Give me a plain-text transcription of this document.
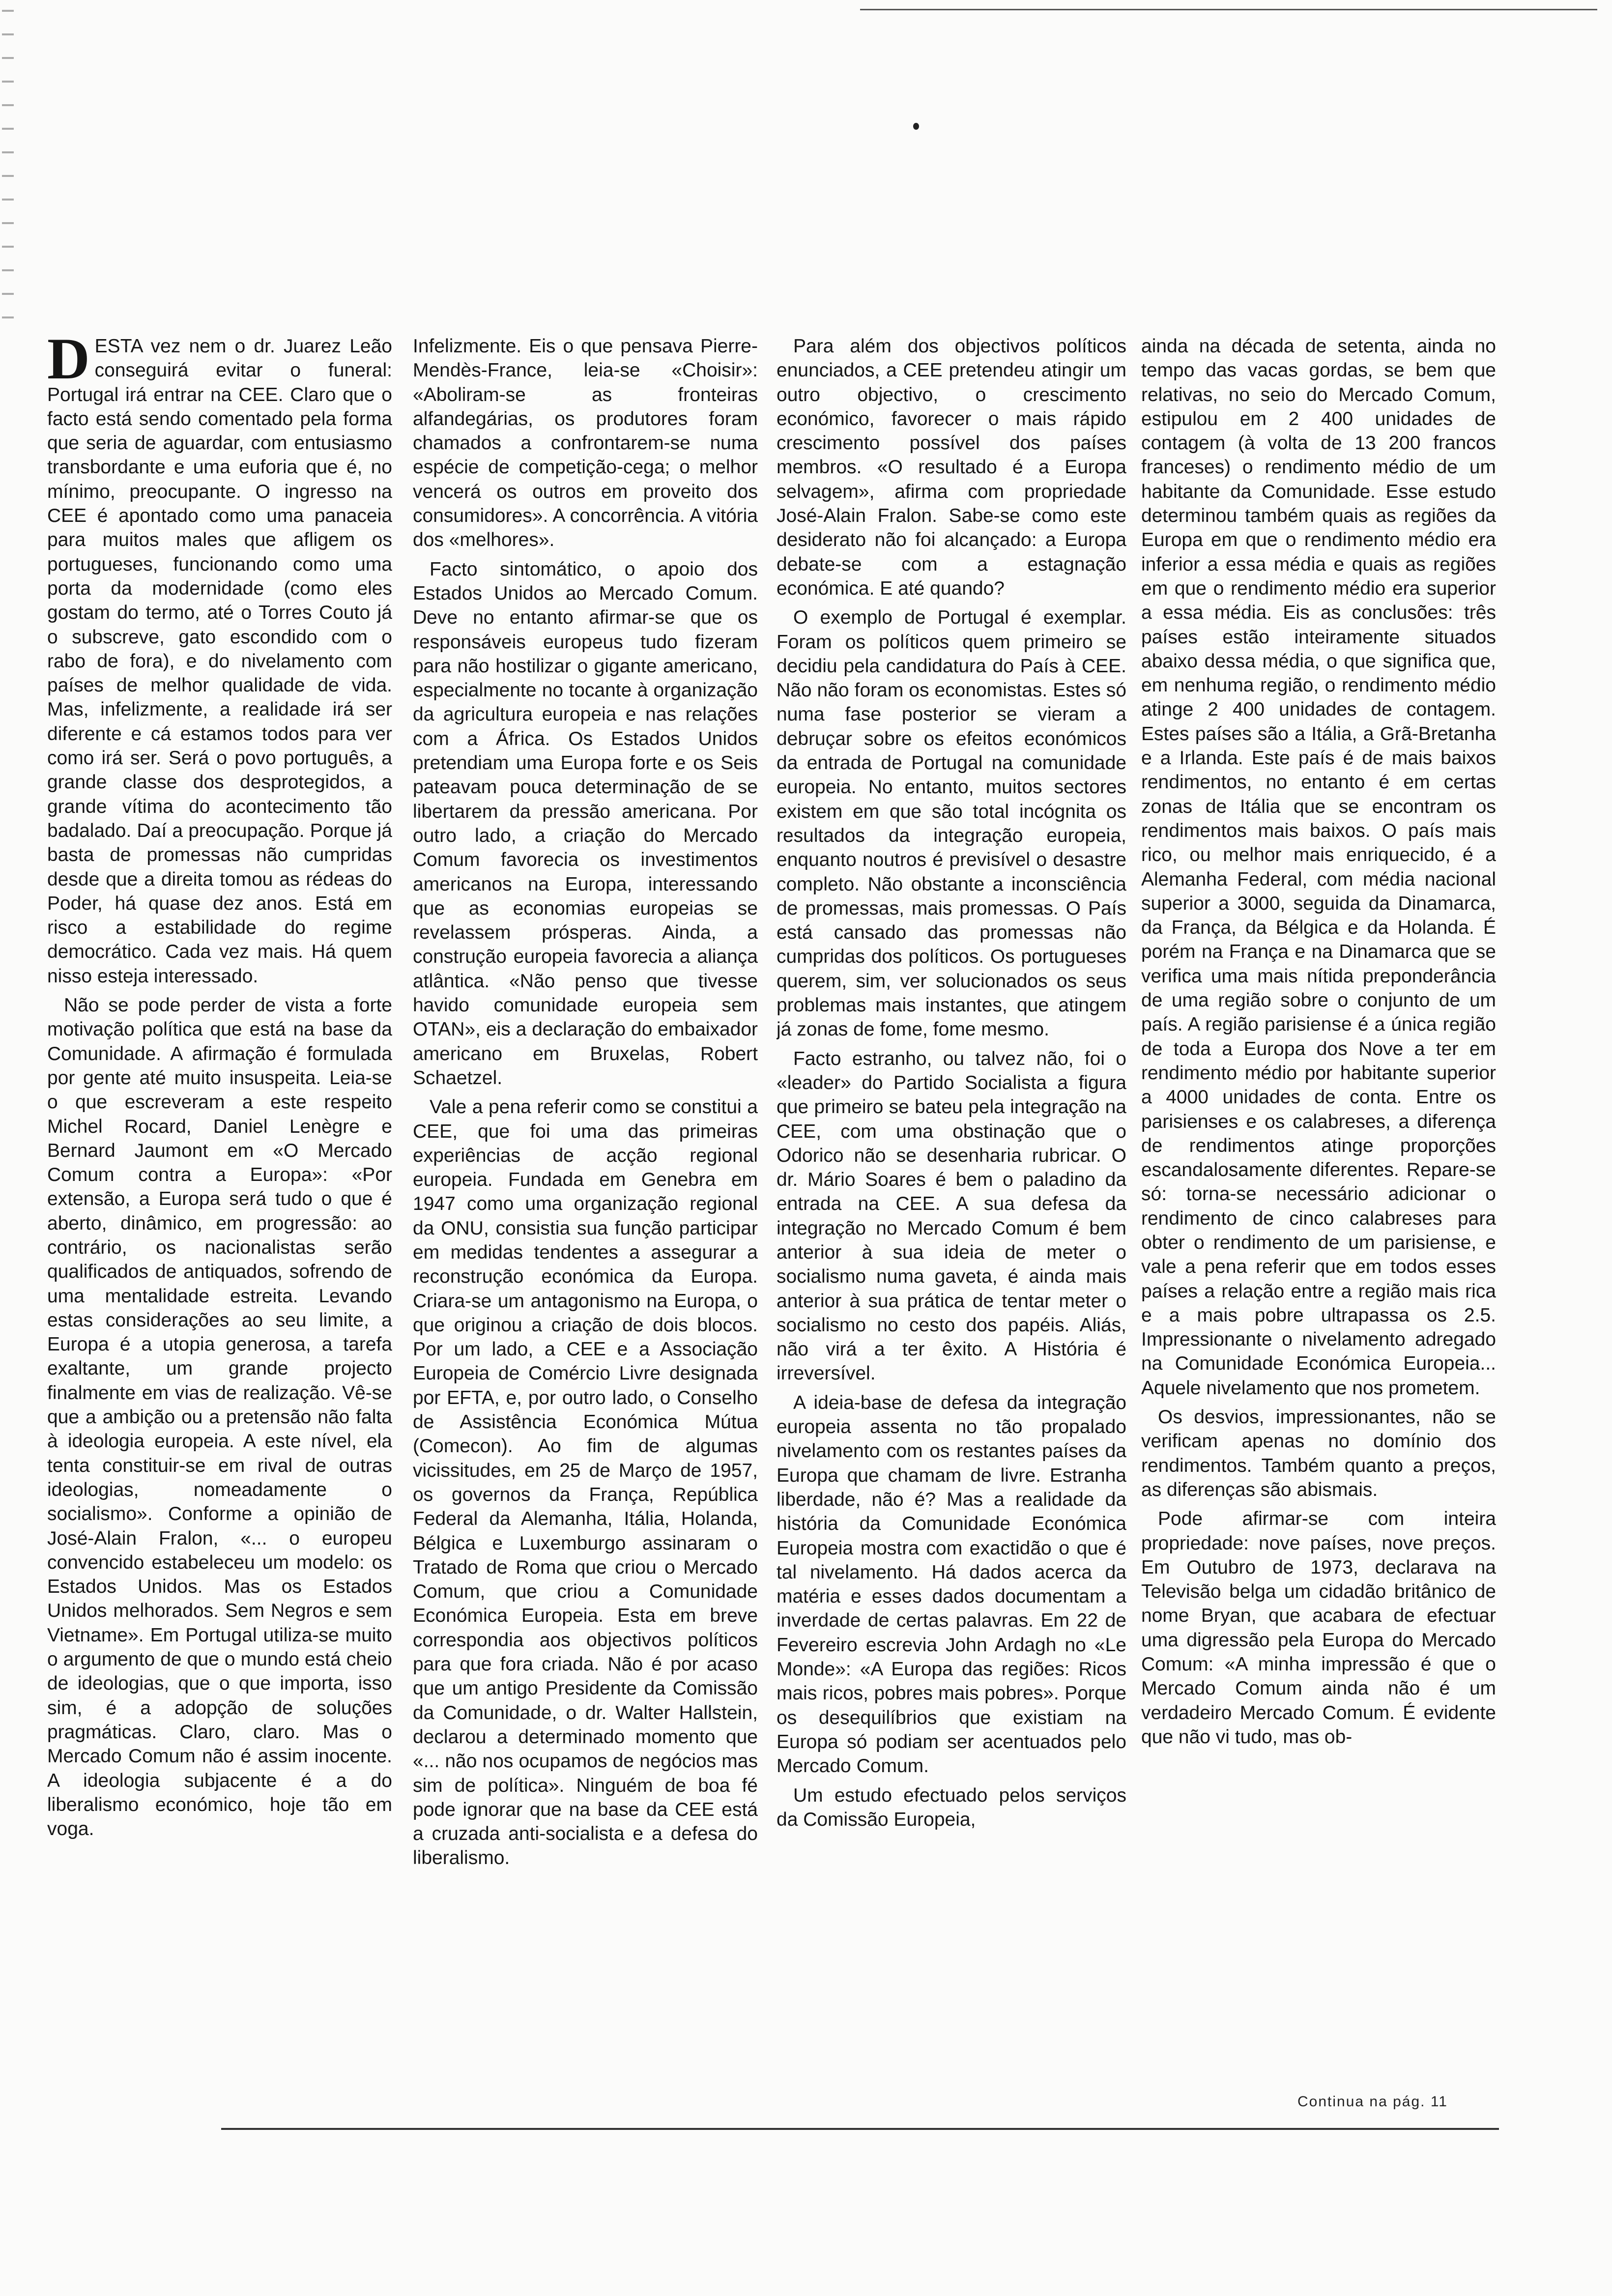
DESTA vez nem o dr. Juarez Leão conseguirá evitar o funeral: Portugal irá entrar na CEE. Claro que o facto está sendo comentado pela forma que seria de aguardar, com entusiasmo transbordante e uma euforia que é, no mínimo, preocupante. O ingresso na CEE é apontado como uma panaceia para muitos males que afligem os portugueses, funcionando como uma porta da modernidade (como eles gostam do termo, até o Torres Couto já o subscreve, gato escondido com o rabo de fora), e do nivelamento com países de melhor qualidade de vida. Mas, infelizmente, a realidade irá ser diferente e cá estamos todos para ver como irá ser. Será o povo português, a grande classe dos desprotegidos, a grande vítima do acontecimento tão badalado. Daí a preocupação. Porque já basta de promessas não cumpridas desde que a direita tomou as rédeas do Poder, há quase dez anos. Está em risco a estabilidade do regime democrático. Cada vez mais. Há quem nisso esteja interessado.

Não se pode perder de vista a forte motivação política que está na base da Comunidade. A afirmação é formulada por gente até muito insuspeita. Leia-se o que escreveram a este respeito Michel Rocard, Daniel Lenègre e Bernard Jaumont em «O Mercado Comum contra a Europa»: «Por extensão, a Europa será tudo o que é aberto, dinâmico, em progressão: ao contrário, os nacionalistas serão qualificados de antiquados, sofrendo de uma mentalidade estreita. Levando estas considerações ao seu limite, a Europa é a utopia generosa, a tarefa exaltante, um grande projecto finalmente em vias de realização. Vê-se que a ambição ou a pretensão não falta à ideologia europeia. A este nível, ela tenta constituir-se em rival de outras ideologias, nomeadamente o socialismo». Conforme a opinião de José-Alain Fralon, «... o europeu convencido estabeleceu um modelo: os Estados Unidos. Mas os Estados Unidos melhorados. Sem Negros e sem Vietname». Em Portugal utiliza-se muito o argumento de que o mundo está cheio de ideologias, que o que importa, isso sim, é a adopção de soluções pragmáticas. Claro, claro. Mas o Mercado Comum não é assim inocente. A ideologia subjacente é a do liberalismo económico, hoje tão em voga.

Infelizmente. Eis o que pensava Pierre-Mendès-France, leia-se «Choisir»: «Aboliram-se as fronteiras alfandegárias, os produtores foram chamados a confrontarem-se numa espécie de competição-cega; o melhor vencerá os outros em proveito dos consumidores». A concorrência. A vitória dos «melhores».

Facto sintomático, o apoio dos Estados Unidos ao Mercado Comum. Deve no entanto afirmar-se que os responsáveis europeus tudo fizeram para não hostilizar o gigante americano, especialmente no tocante à organização da agricultura europeia e nas relações com a África. Os Estados Unidos pretendiam uma Europa forte e os Seis pateavam pouca determinação de se libertarem da pressão americana. Por outro lado, a criação do Mercado Comum favorecia os investimentos americanos na Europa, interessando que as economias europeias se revelassem prósperas. Ainda, a construção europeia favorecia a aliança atlântica. «Não penso que tivesse havido comunidade europeia sem OTAN», eis a declaração do embaixador americano em Bruxelas, Robert Schaetzel.

Vale a pena referir como se constitui a CEE, que foi uma das primeiras experiências de acção regional europeia. Fundada em Genebra em 1947 como uma organização regional da ONU, consistia sua função participar em medidas tendentes a assegurar a reconstrução económica da Europa. Criara-se um antagonismo na Europa, o que originou a criação de dois blocos. Por um lado, a CEE e a Associação Europeia de Comércio Livre designada por EFTA, e, por outro lado, o Conselho de Assistência Económica Mútua (Comecon). Ao fim de algumas vicissitudes, em 25 de Março de 1957, os governos da França, República Federal da Alemanha, Itália, Holanda, Bélgica e Luxemburgo assinaram o Tratado de Roma que criou o Mercado Comum, que criou a Comunidade Económica Europeia. Esta em breve correspondia aos objectivos políticos para que fora criada. Não é por acaso que um antigo Presidente da Comissão da Comunidade, o dr. Walter Hallstein, declarou a determinado momento que «... não nos ocupamos de negócios mas sim de política». Ninguém de boa fé pode ignorar que na base da CEE está a cruzada anti-socialista e a defesa do liberalismo.

Para além dos objectivos políticos enunciados, a CEE pretendeu atingir um outro objectivo, o crescimento económico, favorecer o mais rápido crescimento possível dos países membros. «O resultado é a Europa selvagem», afirma com propriedade José-Alain Fralon. Sabe-se como este desiderato não foi alcançado: a Europa debate-se com a estagnação económica. E até quando?

O exemplo de Portugal é exemplar. Foram os políticos quem primeiro se decidiu pela candidatura do País à CEE. Não não foram os economistas. Estes só numa fase posterior se vieram a debruçar sobre os efeitos económicos da entrada de Portugal na comunidade europeia. No entanto, muitos sectores existem em que são total incógnita os resultados da integração europeia, enquanto noutros é previsível o desastre completo. Não obstante a inconsciência de promessas, mais promessas. O País está cansado das promessas não cumpridas dos políticos. Os portugueses querem, sim, ver solucionados os seus problemas mais instantes, que atingem já zonas de fome, fome mesmo.

Facto estranho, ou talvez não, foi o «leader» do Partido Socialista a figura que primeiro se bateu pela integração na CEE, com uma obstinação que o Odorico não se desenharia rubricar. O dr. Mário Soares é bem o paladino da entrada na CEE. A sua defesa da integração no Mercado Comum é bem anterior à sua ideia de meter o socialismo numa gaveta, é ainda mais anterior à sua prática de tentar meter o socialismo no cesto dos papéis. Aliás, não virá a ter êxito. A História é irreversível.

A ideia-base de defesa da integração europeia assenta no tão propalado nivelamento com os restantes países da Europa que chamam de livre. Estranha liberdade, não é? Mas a realidade da história da Comunidade Económica Europeia mostra com exactidão o que é tal nivelamento. Há dados acerca da matéria e esses dados documentam a inverdade de certas palavras. Em 22 de Fevereiro escrevia John Ardagh no «Le Monde»: «A Europa das regiões: Ricos mais ricos, pobres mais pobres». Porque os desequilíbrios que existiam na Europa só podiam ser acentuados pelo Mercado Comum.

Um estudo efectuado pelos serviços da Comissão Europeia,

ainda na década de setenta, ainda no tempo das vacas gordas, se bem que relativas, no seio do Mercado Comum, estipulou em 2 400 unidades de contagem (à volta de 13 200 francos franceses) o rendimento médio de um habitante da Comunidade. Esse estudo determinou também quais as regiões da Europa em que o rendimento médio era inferior a essa média e quais as regiões em que o rendimento médio era superior a essa média. Eis as conclusões: três países estão inteiramente situados abaixo dessa média, o que significa que, em nenhuma região, o rendimento médio atinge 2 400 unidades de contagem. Estes países são a Itália, a Grã-Bretanha e a Irlanda. Este país é de mais baixos rendimentos, no entanto é em certas zonas de Itália que se encontram os rendimentos mais baixos. O país mais rico, ou melhor mais enriquecido, é a Alemanha Federal, com média nacional superior a 3000, seguida da Dinamarca, da França, da Bélgica e da Holanda. É porém na França e na Dinamarca que se verifica uma mais nítida preponderância de uma região sobre o conjunto de um país. A região parisiense é a única região de toda a Europa dos Nove a ter em rendimento médio por habitante superior a 4000 unidades de conta. Entre os parisienses e os calabreses, a diferença de rendimentos atinge proporções escandalosamente diferentes. Repare-se só: torna-se necessário adicionar o rendimento de cinco calabreses para obter o rendimento de um parisiense, e vale a pena referir que em todos esses países a relação entre a região mais rica e a mais pobre ultrapassa os 2.5. Impressionante o nivelamento adregado na Comunidade Económica Europeia... Aquele nivelamento que nos prometem.

Os desvios, impressionantes, não se verificam apenas no domínio dos rendimentos. Também quanto a preços, as diferenças são abismais.

Pode afirmar-se com inteira propriedade: nove países, nove preços. Em Outubro de 1973, declarava na Televisão belga um cidadão britânico de nome Bryan, que acabara de efectuar uma digressão pela Europa do Mercado Comum: «A minha impressão é que o Mercado Comum ainda não é um verdadeiro Mercado Comum. É evidente que não vi tudo, mas ob-

Continua na pág. 11
